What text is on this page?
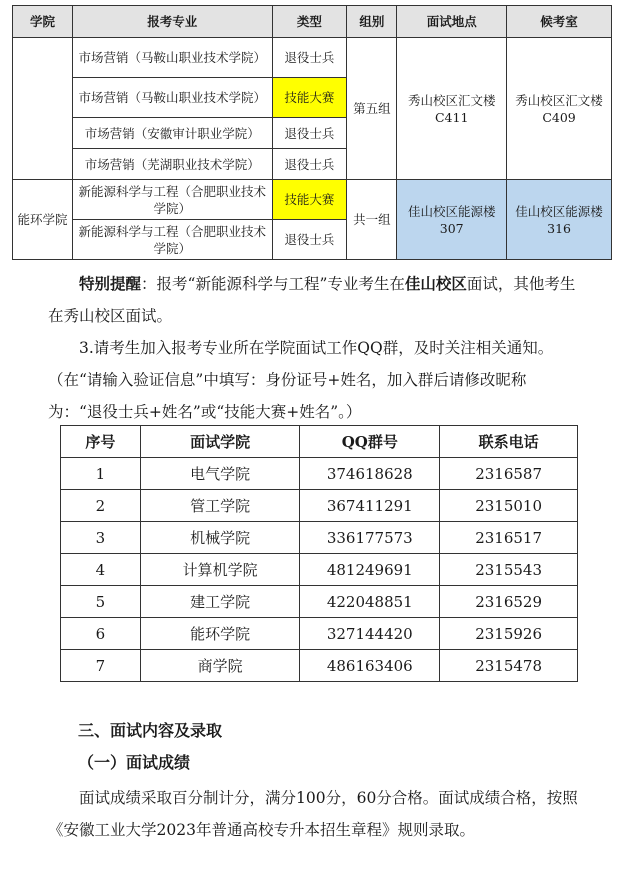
学院	报考专业	类型	组别	面试地点	候考室
	市场营销（马鞍山职业技术学院）	退役士兵	第五组	秀山校区汇文楼 C411	秀山校区汇文楼 C409
	市场营销（马鞍山职业技术学院）	技能大赛			
	市场营销（安徽审计职业学院）	退役士兵			
	市场营销（芜湖职业技术学院）	退役士兵			
能环学院	新能源科学与工程（合肥职业技术学院）	技能大赛	共一组	佳山校区能源楼 307	佳山校区能源楼 316
	新能源科学与工程（合肥职业技术学院）	退役士兵			

特别提醒：报考“新能源科学与工程”专业考生在佳山校区面试，其他考生在秀山校区面试。

3.请考生加入报考专业所在学院面试工作QQ群，及时关注相关通知。（在“请输入验证信息”中填写：身份证号+姓名，加入群后请修改昵称为：“退役士兵+姓名”或“技能大赛+姓名”。）

序号	面试学院	QQ群号	联系电话
1	电气学院	374618628	2316587
2	管工学院	367411291	2315010
3	机械学院	336177573	2316517
4	计算机学院	481249691	2315543
5	建工学院	422048851	2316529
6	能环学院	327144420	2315926
7	商学院	486163406	2315478
三、面试内容及录取
（一）面试成绩

面试成绩采取百分制计分，满分100分，60分合格。面试成绩合格，按照《安徽工业大学2023年普通高校专升本招生章程》规则录取。
